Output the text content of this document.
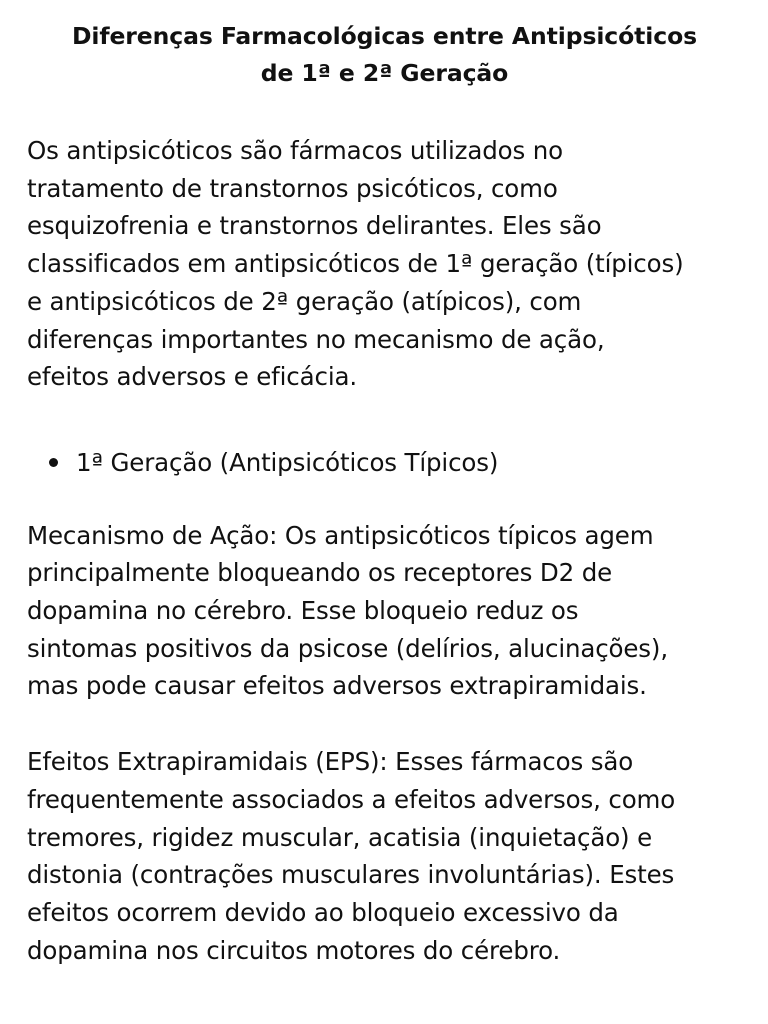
Diferenças Farmacológicas entre Antipsicóticos
de 1ª e 2ª Geração

Os antipsicóticos são fármacos utilizados no
tratamento de transtornos psicóticos, como
esquizofrenia e transtornos delirantes. Eles são
classificados em antipsicóticos de 1ª geração (típicos)
e antipsicóticos de 2ª geração (atípicos), com
diferenças importantes no mecanismo de ação,
efeitos adversos e eficácia.

1ª Geração (Antipsicóticos Típicos)

Mecanismo de Ação: Os antipsicóticos típicos agem
principalmente bloqueando os receptores D2 de
dopamina no cérebro. Esse bloqueio reduz os
sintomas positivos da psicose (delírios, alucinações),
mas pode causar efeitos adversos extrapiramidais.

Efeitos Extrapiramidais (EPS): Esses fármacos são
frequentemente associados a efeitos adversos, como
tremores, rigidez muscular, acatisia (inquietação) e
distonia (contrações musculares involuntárias). Estes
efeitos ocorrem devido ao bloqueio excessivo da
dopamina nos circuitos motores do cérebro.
